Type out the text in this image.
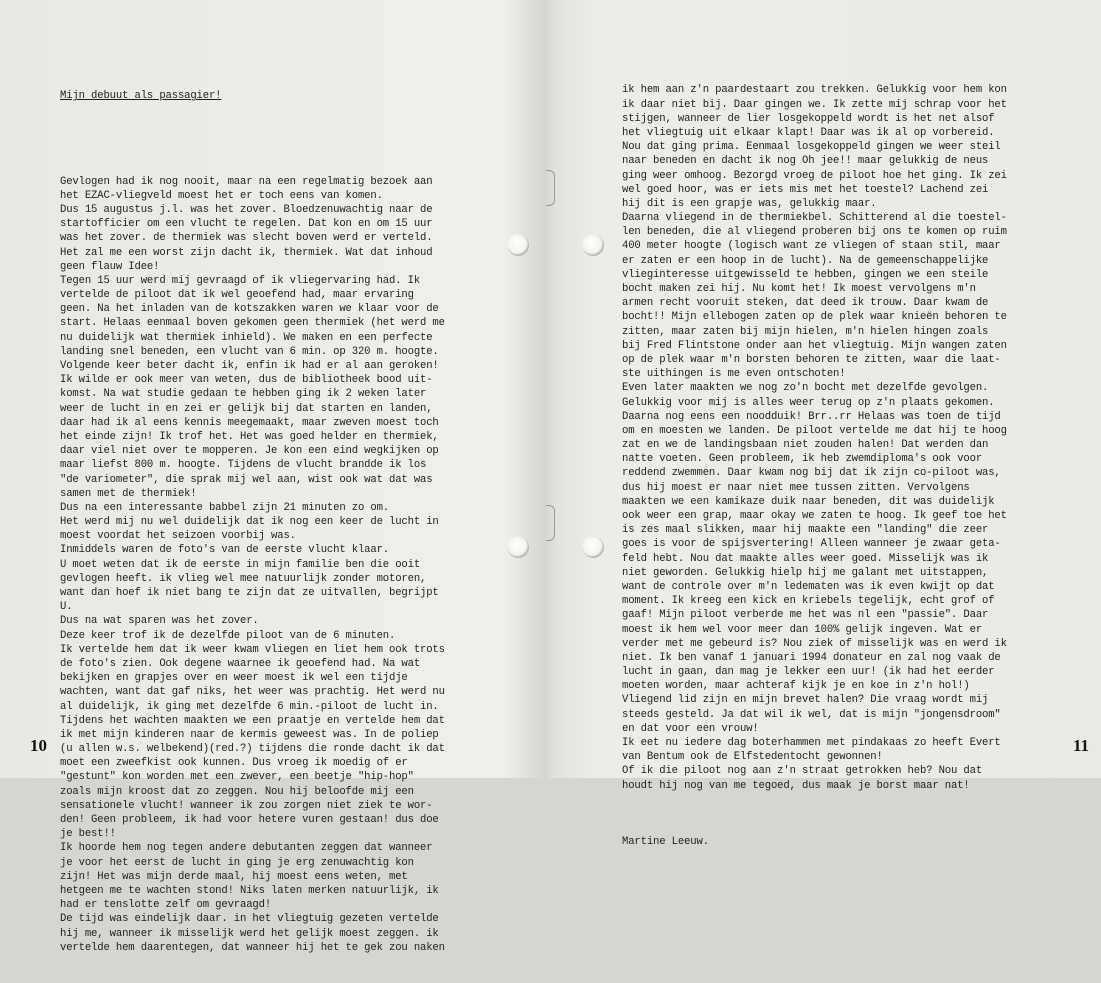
Mijn debuut als passagier!

Gevlogen had ik nog nooit, maar na een regelmatig bezoek aan
het EZAC-vliegveld moest het er toch eens van komen.
Dus 15 augustus j.l. was het zover. Bloedzenuwachtig naar de
startofficier om een vlucht te regelen. Dat kon en om 15 uur
was het zover. de thermiek was slecht boven werd er verteld.
Het zal me een worst zijn dacht ik, thermiek. Wat dat inhoud
geen flauw Idee!
Tegen 15 uur werd mij gevraagd of ik vliegervaring had. Ik
vertelde de piloot dat ik wel geoefend had, maar ervaring
geen. Na het inladen van de kotszakken waren we klaar voor de
start. Helaas eenmaal boven gekomen geen thermiek (het werd me
nu duidelijk wat thermiek inhield). We maken en een perfecte
landing snel beneden, een vlucht van 6 min. op 320 m. hoogte.
Volgende keer beter dacht ik, enfin ik had er al aan geroken!
Ik wilde er ook meer van weten, dus de bibliotheek bood uit-
komst. Na wat studie gedaan te hebben ging ik 2 weken later
weer de lucht in en zei er gelijk bij dat starten en landen,
daar had ik al eens kennis meegemaakt, maar zweven moest toch
het einde zijn! Ik trof het. Het was goed helder en thermiek,
daar viel niet over te mopperen. Je kon een eind wegkijken op
maar liefst 800 m. hoogte. Tijdens de vlucht brandde ik los
"de variometer", die sprak mij wel aan, wist ook wat dat was
samen met de thermiek!
Dus na een interessante babbel zijn 21 minuten zo om.
Het werd mij nu wel duidelijk dat ik nog een keer de lucht in
moest voordat het seizoen voorbij was.
Inmiddels waren de foto's van de eerste vlucht klaar.
U moet weten dat ik de eerste in mijn familie ben die ooit
gevlogen heeft. ik vlieg wel mee natuurlijk zonder motoren,
want dan hoef ik niet bang te zijn dat ze uitvallen, begrijpt
U.
Dus na wat sparen was het zover.
Deze keer trof ik de dezelfde piloot van de 6 minuten.
Ik vertelde hem dat ik weer kwam vliegen en liet hem ook trots
de foto's zien. Ook degene waarnee ik geoefend had. Na wat
bekijken en grapjes over en weer moest ik wel een tijdje
wachten, want dat gaf niks, het weer was prachtig. Het werd nu
al duidelijk, ik ging met dezelfde 6 min.-piloot de lucht in.
Tijdens het wachten maakten we een praatje en vertelde hem dat
ik met mijn kinderen naar de kermis geweest was. In de poliep
(u allen w.s. welbekend)(red.?) tijdens die ronde dacht ik dat
moet een zweefkist ook kunnen. Dus vroeg ik moedig of er
"gestunt" kon worden met een zwever, een beetje "hip-hop"
zoals mijn kroost dat zo zeggen. Nou hij beloofde mij een
sensationele vlucht! wanneer ik zou zorgen niet ziek te wor-
den! Geen probleem, ik had voor hetere vuren gestaan! dus doe
je best!!
Ik hoorde hem nog tegen andere debutanten zeggen dat wanneer
je voor het eerst de lucht in ging je erg zenuwachtig kon
zijn! Het was mijn derde maal, hij moest eens weten, met
hetgeen me te wachten stond! Niks laten merken natuurlijk, ik
had er tenslotte zelf om gevraagd!
De tijd was eindelijk daar. in het vliegtuig gezeten vertelde
hij me, wanneer ik misselijk werd het gelijk moest zeggen. ik
vertelde hem daarentegen, dat wanneer hij het te gek zou naken

10

ik hem aan z'n paardestaart zou trekken. Gelukkig voor hem kon
ik daar niet bij. Daar gingen we. Ik zette mij schrap voor het
stijgen, wanneer de lier losgekoppeld wordt is het net alsof
het vliegtuig uit elkaar klapt! Daar was ik al op vorbereid.
Nou dat ging prima. Eenmaal losgekoppeld gingen we weer steil
naar beneden en dacht ik nog Oh jee!! maar gelukkig de neus
ging weer omhoog. Bezorgd vroeg de piloot hoe het ging. Ik zei
wel goed hoor, was er iets mis met het toestel? Lachend zei
hij dit is een grapje was, gelukkig maar.
Daarna vliegend in de thermiekbel. Schitterend al die toestel-
len beneden, die al vliegend proberen bij ons te komen op ruim
400 meter hoogte (logisch want ze vliegen of staan stil, maar
er zaten er een hoop in de lucht). Na de gemeenschappelijke
vlieginteresse uitgewisseld te hebben, gingen we een steile
bocht maken zei hij. Nu komt het! Ik moest vervolgens m'n
armen recht vooruit steken, dat deed ik trouw. Daar kwam de
bocht!! Mijn ellebogen zaten op de plek waar knieën behoren te
zitten, maar zaten bij mijn hielen, m'n hielen hingen zoals
bij Fred Flintstone onder aan het vliegtuig. Mijn wangen zaten
op de plek waar m'n borsten behoren te zitten, waar die laat-
ste uithingen is me even ontschoten!
Even later maakten we nog zo'n bocht met dezelfde gevolgen.
Gelukkig voor mij is alles weer terug op z'n plaats gekomen.
Daarna nog eens een noodduik! Brr..rr Helaas was toen de tijd
om en moesten we landen. De piloot vertelde me dat hij te hoog
zat en we de landingsbaan niet zouden halen! Dat werden dan
natte voeten. Geen probleem, ik heb zwemdiploma's ook voor
reddend zwemmen. Daar kwam nog bij dat ik zijn co-piloot was,
dus hij moest er naar niet mee tussen zitten. Vervolgens
maakten we een kamikaze duik naar beneden, dit was duidelijk
ook weer een grap, maar okay we zaten te hoog. Ik geef toe het
is zes maal slikken, maar hij maakte een "landing" die zeer
goes is voor de spijsvertering! Alleen wanneer je zwaar geta-
feld hebt. Nou dat maakte alles weer goed. Misselijk was ik
niet geworden. Gelukkig hielp hij me galant met uitstappen,
want de controle over m'n ledematen was ik even kwijt op dat
moment. Ik kreeg een kick en kriebels tegelijk, echt grof of
gaaf! Mijn piloot verberde me het was nl een "passie". Daar
moest ik hem wel voor meer dan 100% gelijk ingeven. Wat er
verder met me gebeurd is? Nou ziek of misselijk was en werd ik
niet. Ik ben vanaf 1 januari 1994 donateur en zal nog vaak de
lucht in gaan, dan mag je lekker een uur! (ik had het eerder
moeten worden, maar achteraf kijk je en koe in z'n hol!)
Vliegend lid zijn en mijn brevet halen? Die vraag wordt mij
steeds gesteld. Ja dat wil ik wel, dat is mijn "jongensdroom"
en dat voor een vrouw!
Ik eet nu iedere dag boterhammen met pindakaas zo heeft Evert
van Bentum ook de Elfstedentocht gewonnen!
Of ik die piloot nog aan z'n straat getrokken heb? Nou dat
houdt hij nog van me tegoed, dus maak je borst maar nat!

Martine Leeuw.

11
